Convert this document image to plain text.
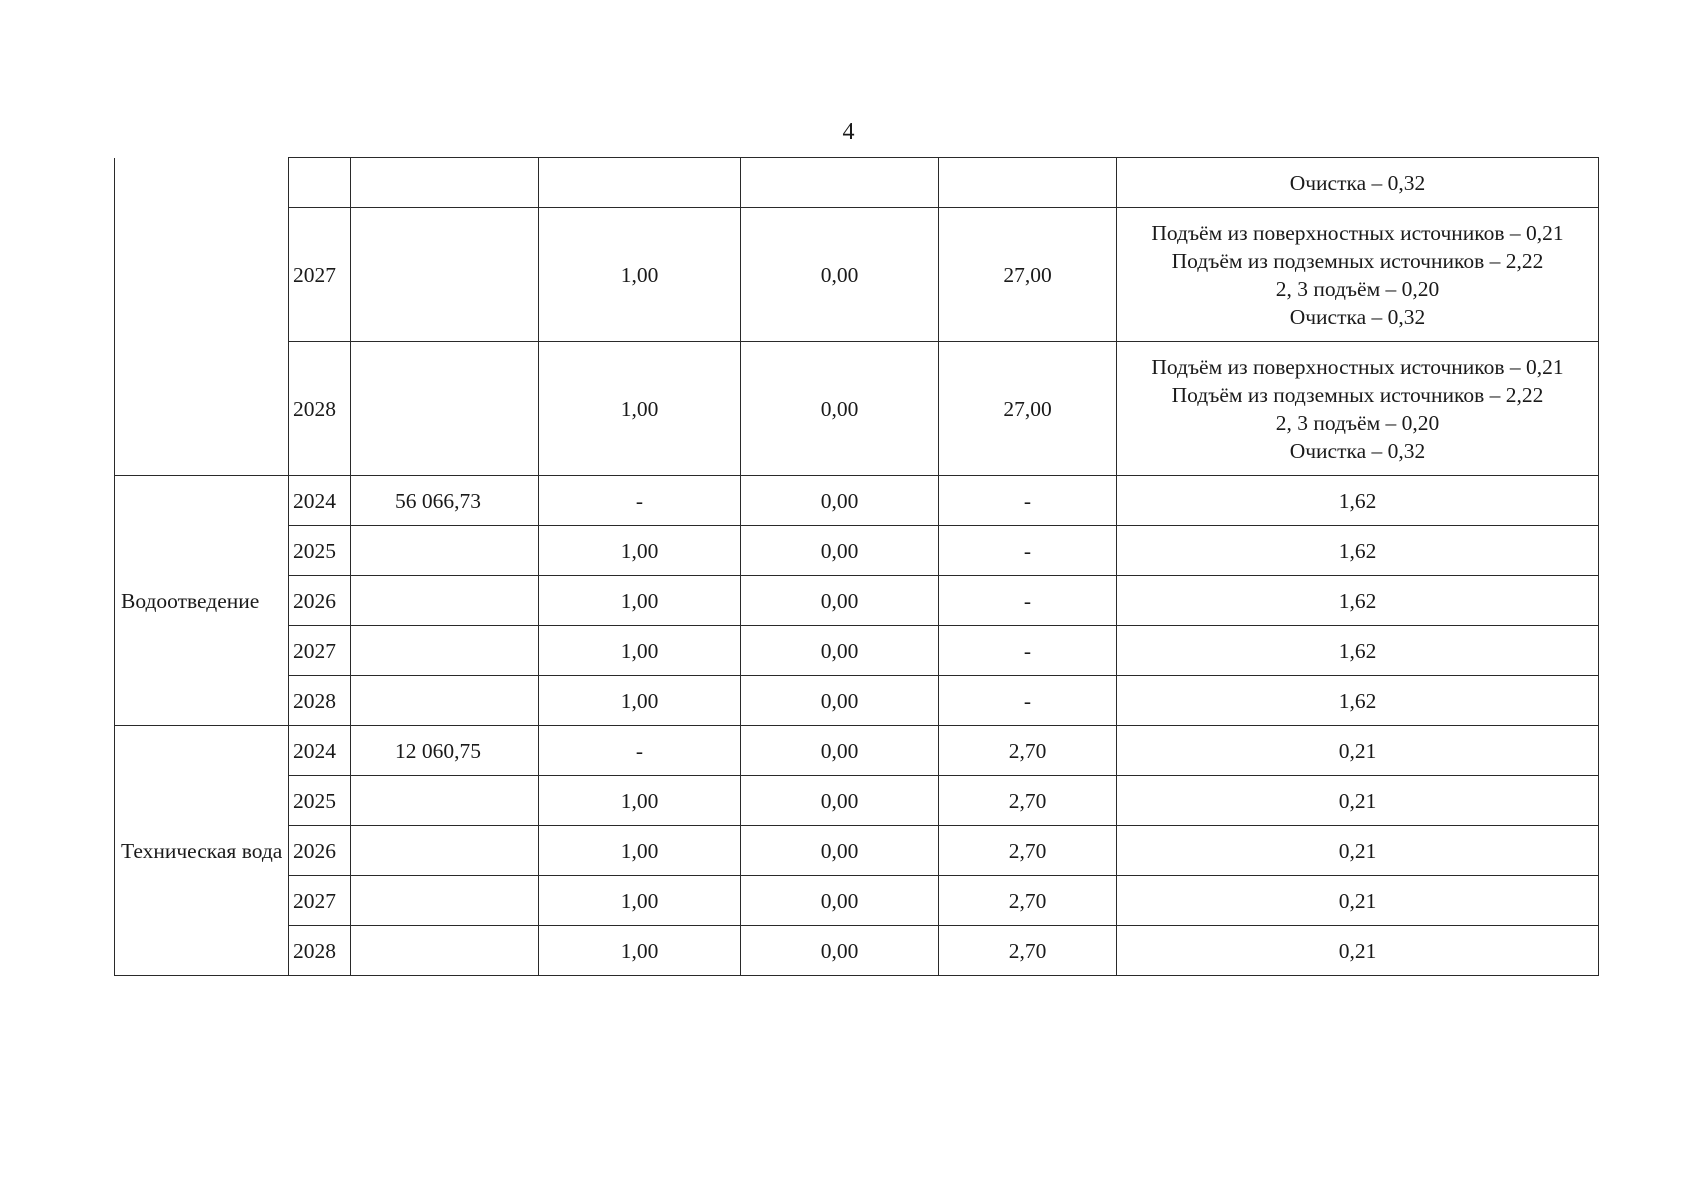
4

						Очистка – 0,32

	2027		1,00	0,00	27,00	Подъём из поверхностных источников – 0,21
Подъём из подземных источников – 2,22
2, 3 подъём – 0,20
Очистка – 0,32

	2028		1,00	0,00	27,00	Подъём из поверхностных источников – 0,21
Подъём из подземных источников – 2,22
2, 3 подъём – 0,20
Очистка – 0,32

Водоотведение	2024	56 066,73	-	0,00	-	1,62
	2025		1,00	0,00	-	1,62
	2026		1,00	0,00	-	1,62
	2027		1,00	0,00	-	1,62
	2028		1,00	0,00	-	1,62
Техническая вода	2024	12 060,75	-	0,00	2,70	0,21
	2025		1,00	0,00	2,70	0,21
	2026		1,00	0,00	2,70	0,21
	2027		1,00	0,00	2,70	0,21
	2028		1,00	0,00	2,70	0,21
